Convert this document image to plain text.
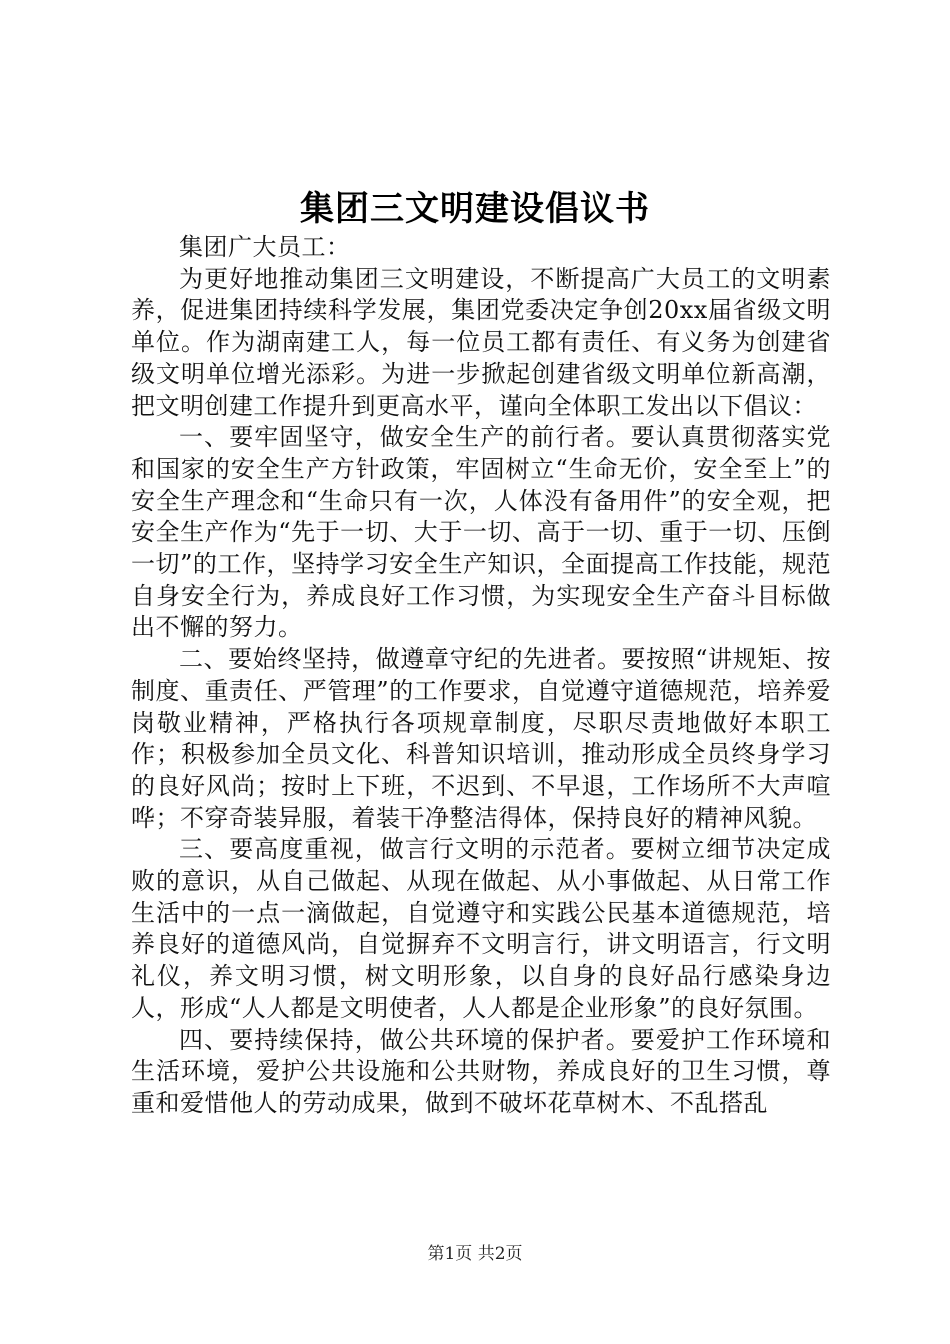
集团三文明建设倡议书

集团广大员工：

为更好地推动集团三文明建设，不断提高广大员工的文明素养，促进集团持续科学发展，集团党委决定争创20xx届省级文明单位。作为湖南建工人，每一位员工都有责任、有义务为创建省级文明单位增光添彩。为进一步掀起创建省级文明单位新高潮，把文明创建工作提升到更高水平，谨向全体职工发出以下倡议：

一、要牢固坚守，做安全生产的前行者。要认真贯彻落实党和国家的安全生产方针政策，牢固树立“生命无价，安全至上”的安全生产理念和“生命只有一次，人体没有备用件”的安全观，把安全生产作为“先于一切、大于一切、高于一切、重于一切、压倒一切”的工作，坚持学习安全生产知识，全面提高工作技能，规范自身安全行为，养成良好工作习惯，为实现安全生产奋斗目标做出不懈的努力。

二、要始终坚持，做遵章守纪的先进者。要按照“讲规矩、按制度、重责任、严管理”的工作要求，自觉遵守道德规范，培养爱岗敬业精神，严格执行各项规章制度，尽职尽责地做好本职工作；积极参加全员文化、科普知识培训，推动形成全员终身学习的良好风尚；按时上下班，不迟到、不早退，工作场所不大声喧哗；不穿奇装异服，着装干净整洁得体，保持良好的精神风貌。

三、要高度重视，做言行文明的示范者。要树立细节决定成败的意识，从自己做起、从现在做起、从小事做起、从日常工作生活中的一点一滴做起，自觉遵守和实践公民基本道德规范，培养良好的道德风尚，自觉摒弃不文明言行，讲文明语言，行文明礼仪，养文明习惯，树文明形象，以自身的良好品行感染身边人，形成“人人都是文明使者，人人都是企业形象”的良好氛围。

四、要持续保持，做公共环境的保护者。要爱护工作环境和生活环境，爱护公共设施和公共财物，养成良好的卫生习惯，尊重和爱惜他人的劳动成果，做到不破坏花草树木、不乱搭乱

第1页 共2页
